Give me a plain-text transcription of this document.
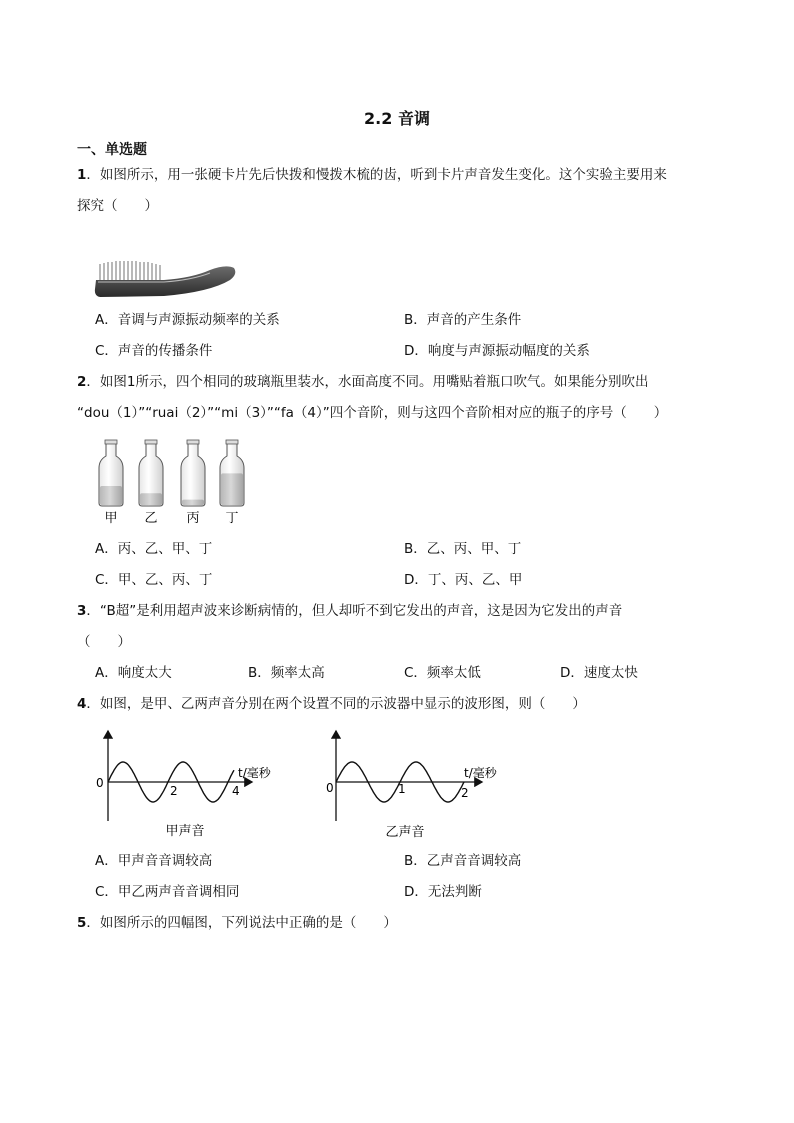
2.2 音调
一、单选题
1．如图所示，用一张硬卡片先后快拨和慢拨木梳的齿，听到卡片声音发生变化。这个实验主要用来
探究（　　）
A．音调与声源振动频率的关系	B．声音的产生条件
C．声音的传播条件	D．响度与声源振动幅度的关系
2．如图1所示，四个相同的玻璃瓶里装水，水面高度不同。用嘴贴着瓶口吹气。如果能分别吹出
“dou（1）”“ruai（2）”“mi（3）”“fa（4）”四个音阶，则与这四个音阶相对应的瓶子的序号（　　）
甲 乙 丙 丁
A．丙、乙、甲、丁	B．乙、丙、甲、丁
C．甲、乙、丙、丁	D．丁、丙、乙、甲
3．“B超”是利用超声波来诊断病情的，但人却听不到它发出的声音，这是因为它发出的声音
（　　）
A．响度太大	B．频率太高	C．频率太低	D．速度太快
4．如图，是甲、乙两声音分别在两个设置不同的示波器中显示的波形图，则（　　）
0
2	4
t/毫秒
甲声音
0	1	2
t/毫秒
乙声音
A．甲声音音调较高	B．乙声音音调较高
C．甲乙两声音音调相同	D．无法判断
5．如图所示的四幅图，下列说法中正确的是（　　）
